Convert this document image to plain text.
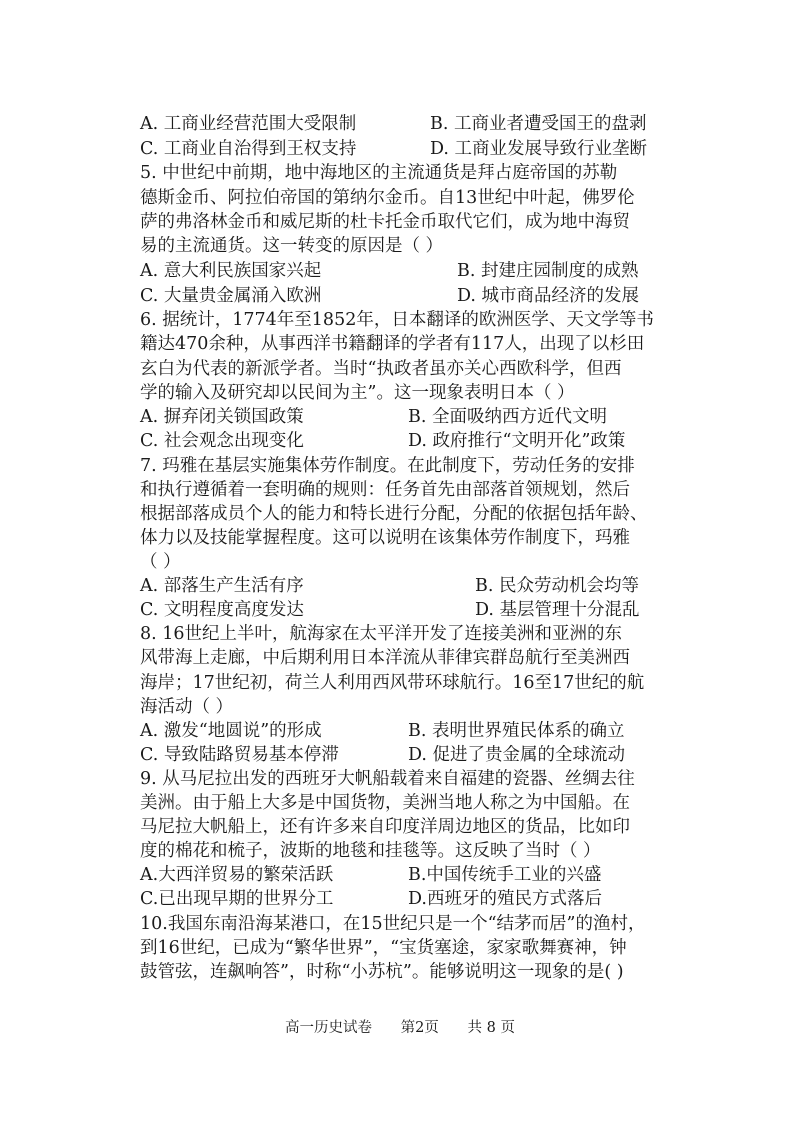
A. 工商业经营范围大受限制	B. 工商业者遭受国王的盘剥
C. 工商业自治得到王权支持	D. 工商业发展导致行业垄断
5. 中世纪中前期，地中海地区的主流通货是拜占庭帝国的苏勒
德斯金币、阿拉伯帝国的第纳尔金币。自13世纪中叶起，佛罗伦
萨的弗洛林金币和威尼斯的杜卡托金币取代它们，成为地中海贸
易的主流通货。这一转变的原因是（ ）
A. 意大利民族国家兴起	B. 封建庄园制度的成熟
C. 大量贵金属涌入欧洲	D. 城市商品经济的发展
6. 据统计，1774年至1852年，日本翻译的欧洲医学、天文学等书
籍达470余种，从事西洋书籍翻译的学者有117人，出现了以杉田
玄白为代表的新派学者。当时“执政者虽亦关心西欧科学，但西
学的输入及研究却以民间为主”。这一现象表明日本（ ）
A. 摒弃闭关锁国政策	B. 全面吸纳西方近代文明
C. 社会观念出现变化	D. 政府推行“文明开化”政策
7. 玛雅在基层实施集体劳作制度。在此制度下，劳动任务的安排
和执行遵循着一套明确的规则：任务首先由部落首领规划，然后
根据部落成员个人的能力和特长进行分配，分配的依据包括年龄、
体力以及技能掌握程度。这可以说明在该集体劳作制度下，玛雅
（ ）
A. 部落生产生活有序	B. 民众劳动机会均等
C. 文明程度高度发达	D. 基层管理十分混乱
8. 16世纪上半叶，航海家在太平洋开发了连接美洲和亚洲的东
风带海上走廊，中后期利用日本洋流从菲律宾群岛航行至美洲西
海岸；17世纪初，荷兰人利用西风带环球航行。16至17世纪的航
海活动（ ）
A. 激发“地圆说”的形成	B. 表明世界殖民体系的确立
C. 导致陆路贸易基本停滞	D. 促进了贵金属的全球流动
9. 从马尼拉出发的西班牙大帆船载着来自福建的瓷器、丝绸去往
美洲。由于船上大多是中国货物，美洲当地人称之为中国船。在
马尼拉大帆船上，还有许多来自印度洋周边地区的货品，比如印
度的棉花和梳子，波斯的地毯和挂毯等。这反映了当时（ ）
A.大西洋贸易的繁荣活跃	B.中国传统手工业的兴盛
C.已出现早期的世界分工	D.西班牙的殖民方式落后
10.我国东南沿海某港口，在15世纪只是一个“结茅而居”的渔村，
到16世纪，已成为“繁华世界”，“宝货塞途，家家歌舞赛神，钟
鼓管弦，连飙响答”，时称“小苏杭”。能够说明这一现象的是( )
高一历史试卷 第2页 共 8 页
